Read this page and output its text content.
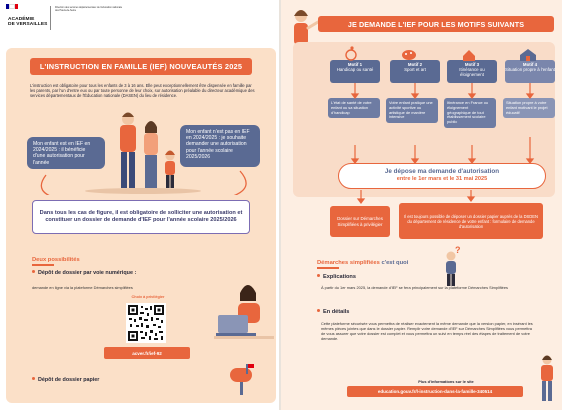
ACADÉMIE
DE VERSAILLES
Direction des services départementaux de l'éducation nationale des Hauts-de-Seine
L'INSTRUCTION EN FAMILLE (IEF) NOUVEAUTÉS 2025
L'instruction est obligatoire pour tous les enfants de 3 à 16 ans. Elle peut exceptionnellement être dispensée en famille par les parents, par l'un d'entre eux ou par toute personne de leur choix, sur autorisation préalable du directeur académique des services départementaux de l'Éducation nationale (DASEN) du lieu de résidence.
Mon enfant est en IEF en 2024/2025 : il bénéficie d'une autorisation pour l'année
Mon enfant n'est pas en IEF en 2024/2025 : je souhaite demander une autorisation pour l'année scolaire 2025/2026
Dans tous les cas de figure, il est obligatoire de solliciter une autorisation et constituer un dossier de demande d'IEF pour l'année scolaire 2025/2026
Deux possibilités
Dépôt de dossier par voie numérique :
demande en ligne via la plateforme Démarches simplifiées
Choix à privilégier
acver.fr/ief-92
Dépôt de dossier papier
JE DEMANDE L'IEF POUR LES MOTIFS SUIVANTS
Motif 1
Handicap ou santé
Motif 2
Sport et art
Motif 3
Itinérance ou éloignement
Motif 4
Situation propre à l'enfant
L'état de santé de votre enfant ou sa situation d'handicap
Votre enfant pratique une activité sportive ou artistique de manière intensive
Itinérance en France ou éloignement géographique de tout établissement scolaire public
Situation propre à votre enfant motivant le projet éducatif
Je dépose ma demande d'autorisation
entre le 1er mars et le 31 mai 2025
Dossier sur Démarches Simplifiées à privilégier
Il est toujours possible de déposer un dossier papier auprès de la DSDEN du département de résidence de votre enfant : formulaire de demande d'autorisation
Démarches simplifiées c'est quoi
?
Explications
À partir du 1er mars 2025, la demande d'IEF se fera principalement sur la plateforme Démarches Simplifiées
En détails
Cette plateforme sécurisée vous permettra de réaliser exactement la même demande que la version papier, en insérant les mêmes pièces jointes que dans le dossier papier. Remplir votre demande d'IEF sur Démarches Simplifiées vous permettra de vous assurer que votre dossier est complet et vous permettra un suivi en temps réel des étapes de traitement de votre demande.
Plus d'informations sur le site
education.gouv.fr/l-instruction-dans-la-famille-340514
